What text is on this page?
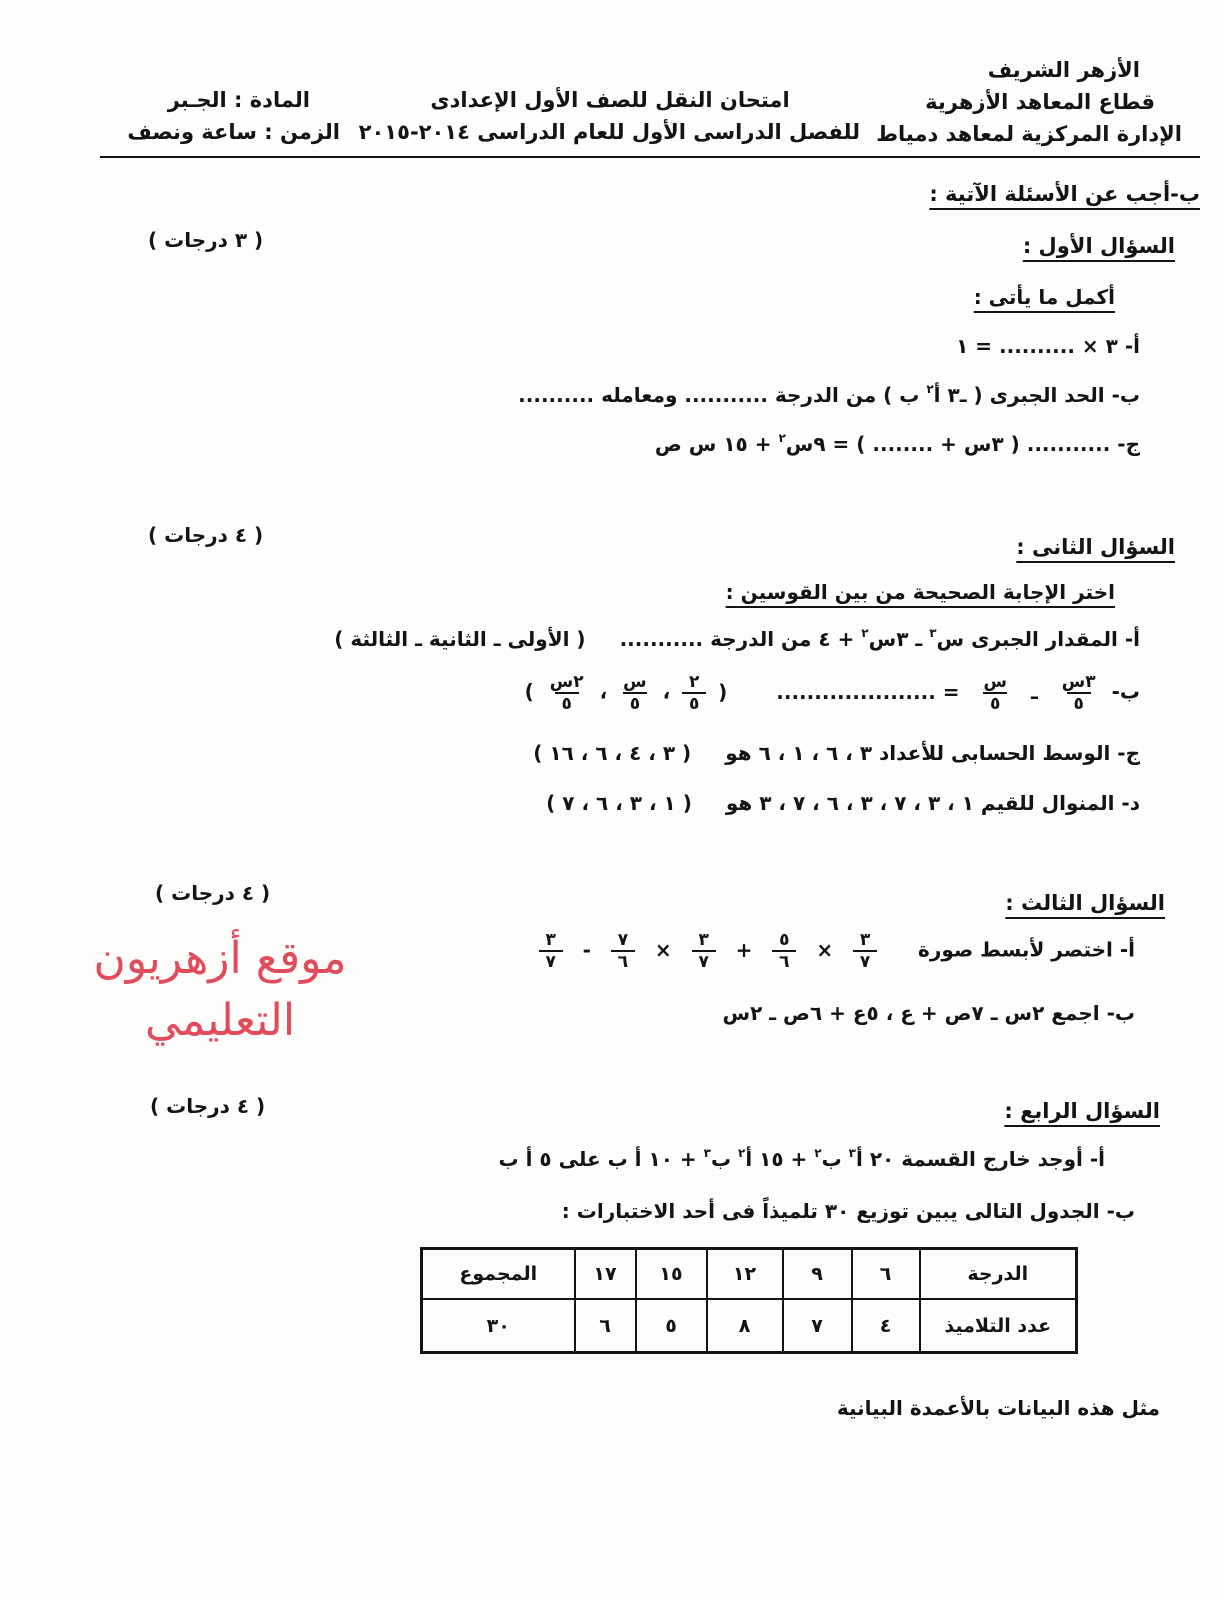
الأزهر الشريف
قطاع المعاهد الأزهرية
الإدارة المركزية لمعاهد دمياط
امتحان النقل للصف الأول الإعدادى
للفصل الدراسى الأول للعام الدراسى ٢٠١٤-٢٠١٥
المادة : الجـبر
الزمن : ساعة ونصف
ب-أجب عن الأسئلة الآتية :
السؤال الأول :
( ٣ درجات )
أكمل ما يأتى :
أ- ٣ × .......... = ١
ب- الحد الجبرى ( ـ٣ أ$^٢$ ب ) من الدرجة ........... ومعامله ..........
ج- ........... ( ٣س + ........ ) = ٩س$^٢$ + ١٥ س ص
السؤال الثانى :
( ٤ درجات )
اختر الإجابة الصحيحة من بين القوسين :
أ- المقدار الجبرى س$^٣$ ـ ٣س$^٢$ + ٤ من الدرجة ...........( الأولى ـ الثانية ـ الثالثة )
ب-
$\frac{\text{٣س}}{٥}$
ـ
$\frac{\text{س}}{٥}$
= ..................... (
$\frac{٢}{٥}$
،
$\frac{\text{س}}{٥}$
،
$\frac{\text{٢س}}{٥}$
)
ج- الوسط الحسابى للأعداد ٣ ، ٦ ، ١ ، ٦ هو( ٣ ، ٤ ، ٦ ، ١٦ )
د- المنوال للقيم ١ ، ٣ ، ٧ ، ٣ ، ٦ ، ٧ ، ٣ هو( ١ ، ٣ ، ٦ ، ٧ )
السؤال الثالث :
( ٤ درجات )
أ- اختصر لأبسط صورة
$\frac{٣}{٧}$
×
$\frac{٥}{٦}$
+
$\frac{٣}{٧}$
×
$\frac{٧}{٦}$
-
$\frac{٣}{٧}$
ب- اجمع ٢س ـ ٧ص + ع ، ٥ع + ٦ص ـ ٢س
موقع أزهريون
التعليمي
السؤال الرابع :
( ٤ درجات )
أ- أوجد خارج القسمة ٢٠ أ$^٣$ ب$^٢$ + ١٥ أ$^٢$ ب$^٣$ + ١٠ أ ب على ٥ أ ب
ب- الجدول التالى يبين توزيع ٣٠ تلميذاً فى أحد الاختبارات :
الدرجة	٦	٩	١٢	١٥	١٧	المجموع
عدد التلاميذ	٤	٧	٨	٥	٦	٣٠
مثل هذه البيانات بالأعمدة البيانية
